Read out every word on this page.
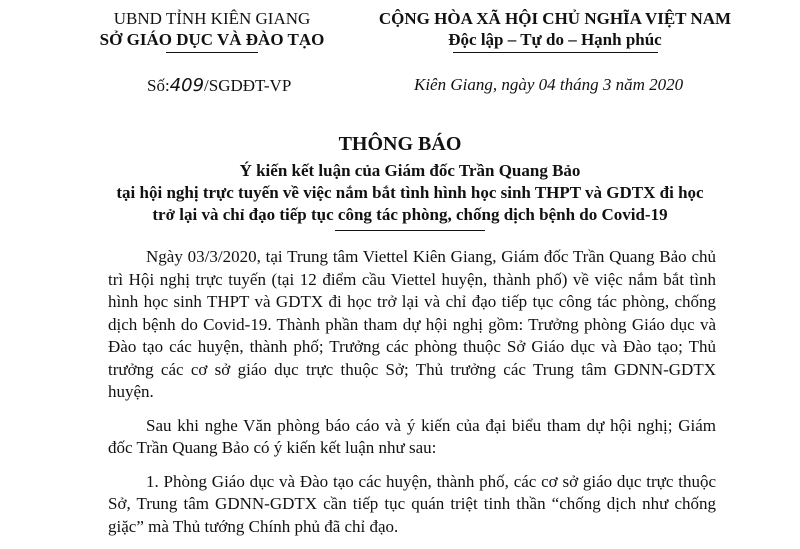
UBND TỈNH KIÊN GIANG
SỞ GIÁO DỤC VÀ ĐÀO TẠO
CỘNG HÒA XÃ HỘI CHỦ NGHĨA VIỆT NAM
Độc lập – Tự do – Hạnh phúc
Số:409/SGDĐT-VP	Kiên Giang, ngày 04 tháng 3 năm 2020
THÔNG BÁO
Ý kiến kết luận của Giám đốc Trần Quang Bảo
tại hội nghị trực tuyến về việc nắm bắt tình hình học sinh THPT và GDTX đi học
trở lại và chỉ đạo tiếp tục công tác phòng, chống dịch bệnh do Covid-19

Ngày 03/3/2020, tại Trung tâm Viettel Kiên Giang, Giám đốc Trần Quang Bảo chủ trì Hội nghị trực tuyến (tại 12 điểm cầu Viettel huyện, thành phố) về việc nắm bắt tình hình học sinh THPT và GDTX đi học trở lại và chỉ đạo tiếp tục công tác phòng, chống dịch bệnh do Covid-19. Thành phần tham dự hội nghị gồm: Trưởng phòng Giáo dục và Đào tạo các huyện, thành phố; Trưởng các phòng thuộc Sở Giáo dục và Đào tạo; Thủ trưởng các cơ sở giáo dục trực thuộc Sở; Thủ trưởng các Trung tâm GDNN-GDTX huyện.

Sau khi nghe Văn phòng báo cáo và ý kiến của đại biểu tham dự hội nghị; Giám đốc Trần Quang Bảo có ý kiến kết luận như sau:

1. Phòng Giáo dục và Đào tạo các huyện, thành phố, các cơ sở giáo dục trực thuộc Sở, Trung tâm GDNN-GDTX cần tiếp tục quán triệt tinh thần “chống dịch như chống giặc” mà Thủ tướng Chính phủ đã chỉ đạo.
